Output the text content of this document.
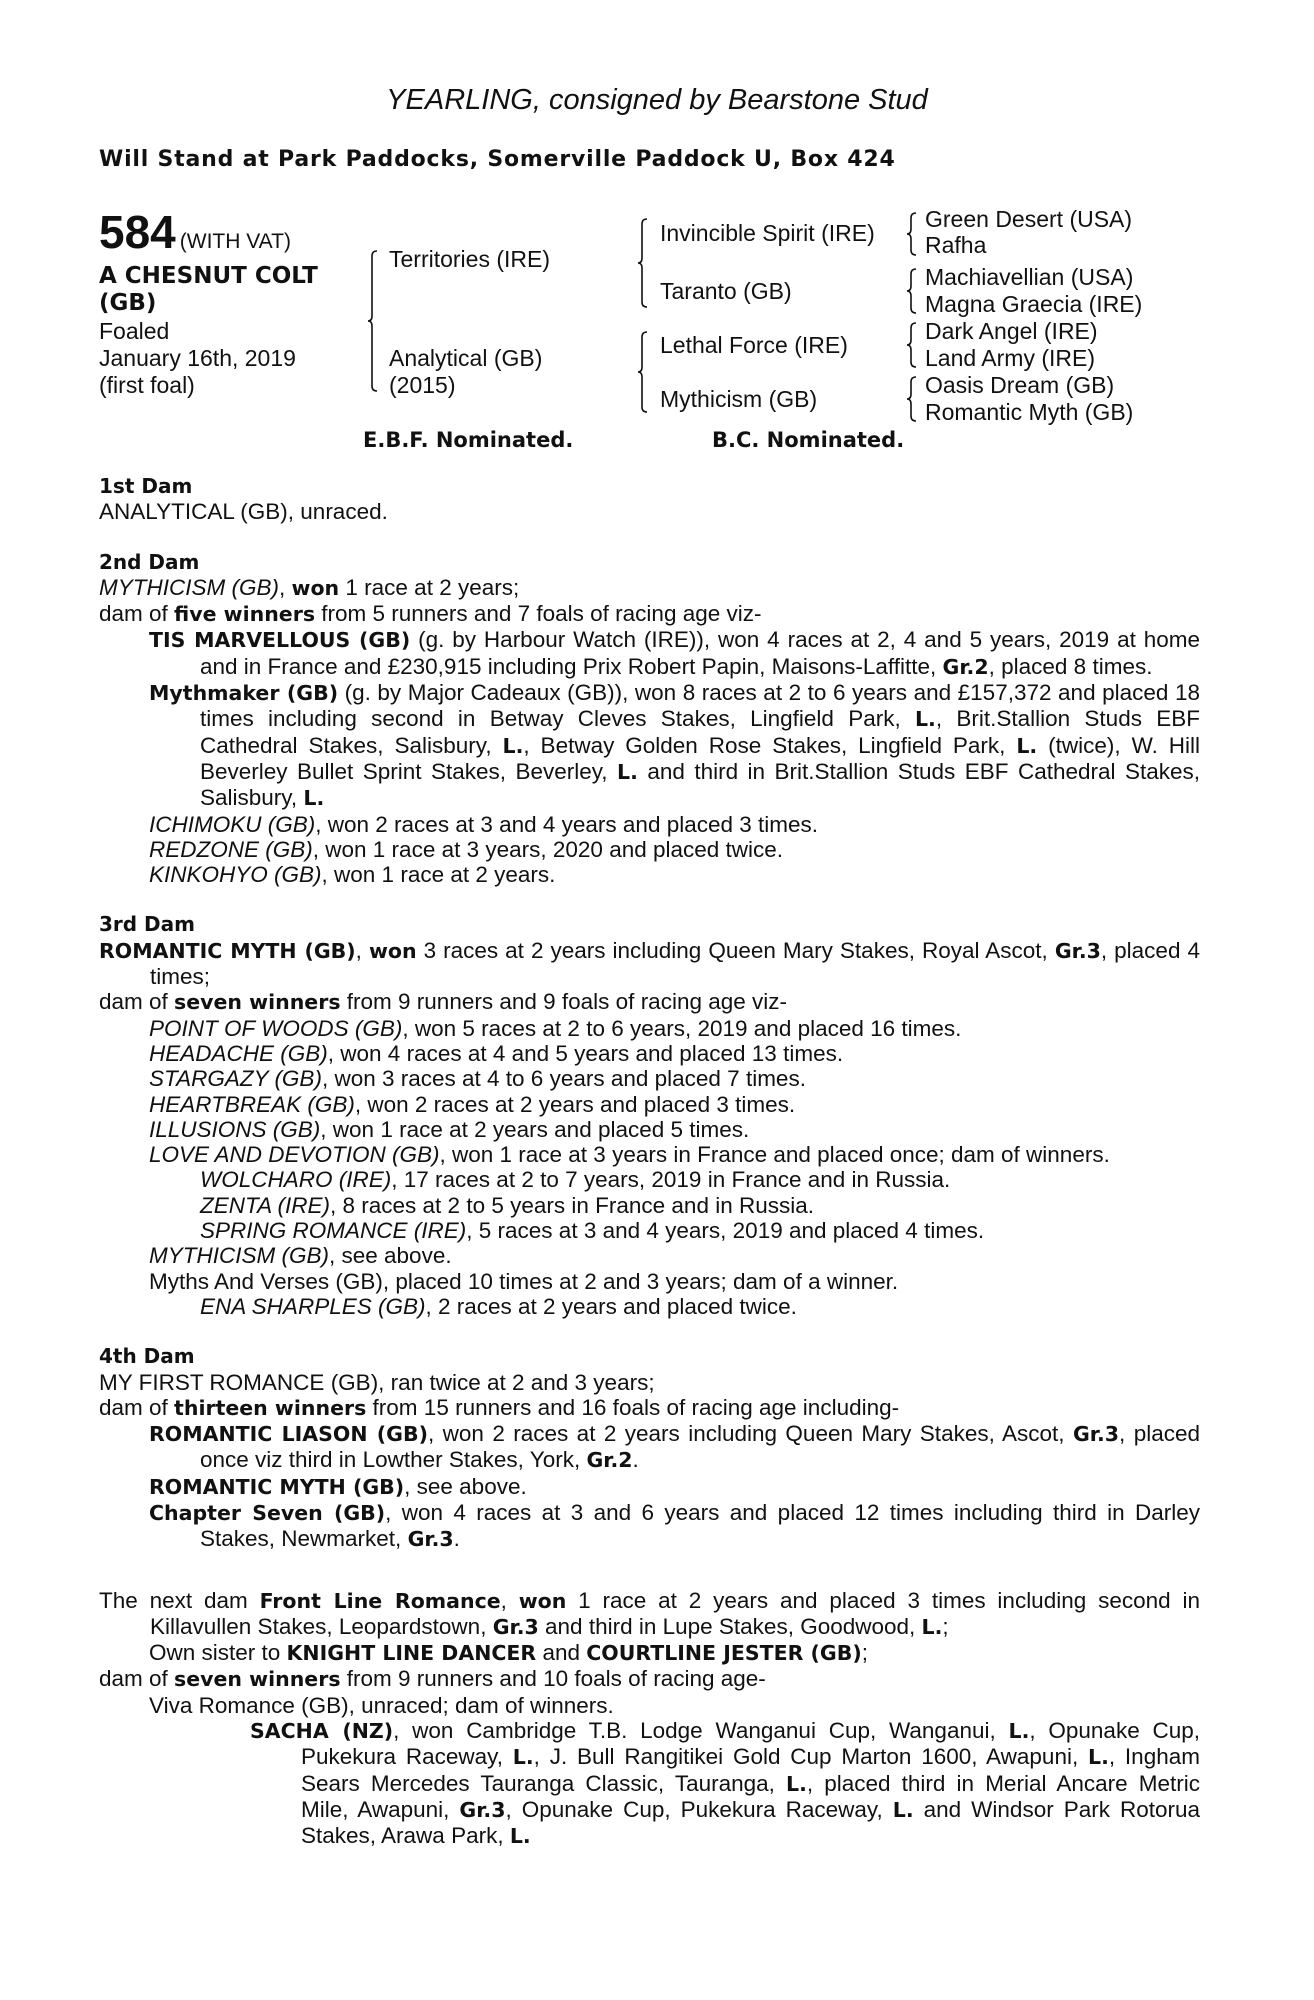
YEARLING, consigned by Bearstone Stud
Will Stand at Park Paddocks, Somerville Paddock U, Box 424
584 (WITH VAT)
A CHESNUT COLT
(GB)
Foaled
January 16th, 2019
(first foal)
Territories (IRE)
Analytical (GB)
(2015)
Invincible Spirit (IRE)
Taranto (GB)
Lethal Force (IRE)
Mythicism (GB)
Green Desert (USA)
Rafha
Machiavellian (USA)
Magna Graecia (IRE)
Dark Angel (IRE)
Land Army (IRE)
Oasis Dream (GB)
Romantic Myth (GB)
E.B.F. Nominated.	B.C. Nominated.
1st Dam
ANALYTICAL (GB), unraced.
2nd Dam
MYTHICISM (GB), won 1 race at 2 years;
dam of five winners from 5 runners and 7 foals of racing age viz-
TIS MARVELLOUS (GB) (g. by Harbour Watch (IRE)), won 4 races at 2, 4 and 5 years, 2019 at home and in France and £230,915 including Prix Robert Papin, Maisons-Laffitte, Gr.2, placed 8 times.
Mythmaker (GB) (g. by Major Cadeaux (GB)), won 8 races at 2 to 6 years and £157,372 and placed 18 times including second in Betway Cleves Stakes, Lingfield Park, L., Brit.Stallion Studs EBF Cathedral Stakes, Salisbury, L., Betway Golden Rose Stakes, Lingfield Park, L. (twice), W. Hill Beverley Bullet Sprint Stakes, Beverley, L. and third in Brit.Stallion Studs EBF Cathedral Stakes, Salisbury, L.
ICHIMOKU (GB), won 2 races at 3 and 4 years and placed 3 times.
REDZONE (GB), won 1 race at 3 years, 2020 and placed twice.
KINKOHYO (GB), won 1 race at 2 years.
3rd Dam
ROMANTIC MYTH (GB), won 3 races at 2 years including Queen Mary Stakes, Royal Ascot, Gr.3, placed 4 times;
dam of seven winners from 9 runners and 9 foals of racing age viz-
POINT OF WOODS (GB), won 5 races at 2 to 6 years, 2019 and placed 16 times.
HEADACHE (GB), won 4 races at 4 and 5 years and placed 13 times.
STARGAZY (GB), won 3 races at 4 to 6 years and placed 7 times.
HEARTBREAK (GB), won 2 races at 2 years and placed 3 times.
ILLUSIONS (GB), won 1 race at 2 years and placed 5 times.
LOVE AND DEVOTION (GB), won 1 race at 3 years in France and placed once; dam of winners.
WOLCHARO (IRE), 17 races at 2 to 7 years, 2019 in France and in Russia.
ZENTA (IRE), 8 races at 2 to 5 years in France and in Russia.
SPRING ROMANCE (IRE), 5 races at 3 and 4 years, 2019 and placed 4 times.
MYTHICISM (GB), see above.
Myths And Verses (GB), placed 10 times at 2 and 3 years; dam of a winner.
ENA SHARPLES (GB), 2 races at 2 years and placed twice.
4th Dam
MY FIRST ROMANCE (GB), ran twice at 2 and 3 years;
dam of thirteen winners from 15 runners and 16 foals of racing age including-
ROMANTIC LIASON (GB), won 2 races at 2 years including Queen Mary Stakes, Ascot, Gr.3, placed once viz third in Lowther Stakes, York, Gr.2.
ROMANTIC MYTH (GB), see above.
Chapter Seven (GB), won 4 races at 3 and 6 years and placed 12 times including third in Darley Stakes, Newmarket, Gr.3.
The next dam Front Line Romance, won 1 race at 2 years and placed 3 times including second in Killavullen Stakes, Leopardstown, Gr.3 and third in Lupe Stakes, Goodwood, L.;
Own sister to KNIGHT LINE DANCER and COURTLINE JESTER (GB);
dam of seven winners from 9 runners and 10 foals of racing age-
Viva Romance (GB), unraced; dam of winners.
SACHA (NZ), won Cambridge T.B. Lodge Wanganui Cup, Wanganui, L., Opunake Cup, Pukekura Raceway, L., J. Bull Rangitikei Gold Cup Marton 1600, Awapuni, L., Ingham Sears Mercedes Tauranga Classic, Tauranga, L., placed third in Merial Ancare Metric Mile, Awapuni, Gr.3, Opunake Cup, Pukekura Raceway, L. and Windsor Park Rotorua Stakes, Arawa Park, L.
